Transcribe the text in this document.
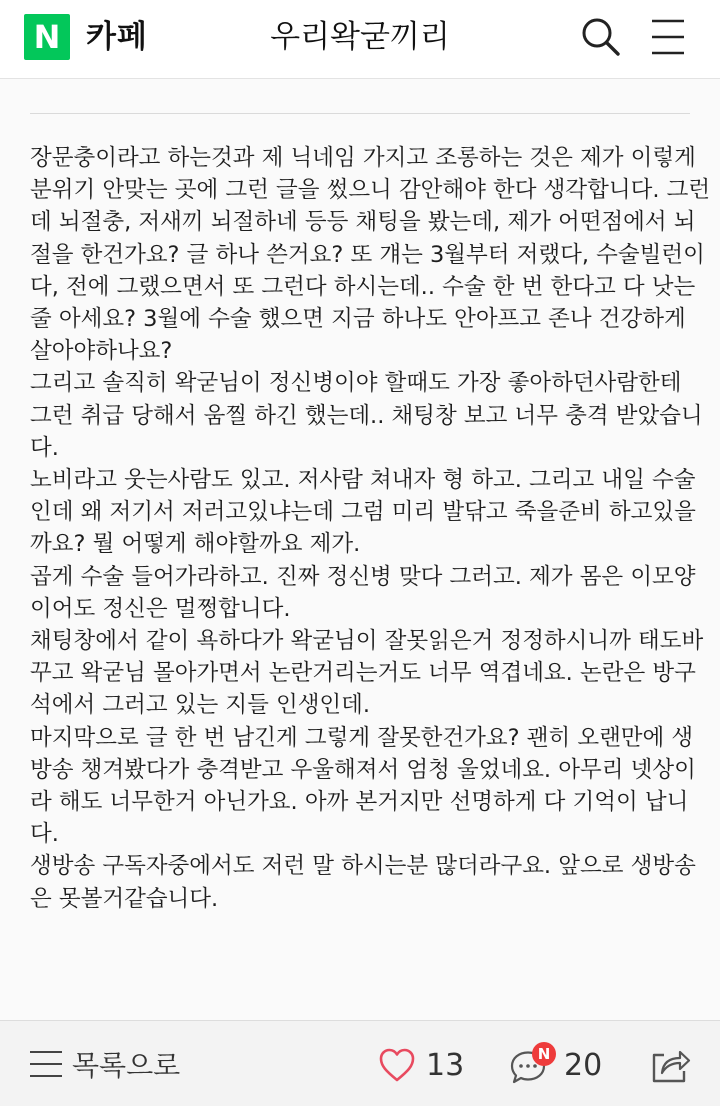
N 카페	우리왁굳끼리

장문충이라고 하는것과 제 닉네임 가지고 조롱하는 것은 제가 이렇게

분위기 안맞는 곳에 그런 글을 썼으니 감안해야 한다 생각합니다. 그런

데 뇌절충, 저새끼 뇌절하네 등등 채팅을 봤는데, 제가 어떤점에서 뇌

절을 한건가요? 글 하나 쓴거요? 또 걔는 3월부터 저랬다, 수술빌런이

다, 전에 그랬으면서 또 그런다 하시는데.. 수술 한 번 한다고 다 낫는

줄 아세요? 3월에 수술 했으면 지금 하나도 안아프고 존나 건강하게

살아야하나요?

그리고 솔직히 왁굳님이 정신병이야 할때도 가장 좋아하던사람한테

그런 취급 당해서 움찔 하긴 했는데.. 채팅창 보고 너무 충격 받았습니

다.

노비라고 웃는사람도 있고. 저사람 쳐내자 형 하고. 그리고 내일 수술

인데 왜 저기서 저러고있냐는데 그럼 미리 발닦고 죽을준비 하고있을

까요? 뭘 어떻게 해야할까요 제가.

곱게 수술 들어가라하고. 진짜 정신병 맞다 그러고. 제가 몸은 이모양

이어도 정신은 멀쩡합니다.

채팅창에서 같이 욕하다가 왁굳님이 잘못읽은거 정정하시니까 태도바

꾸고 왁굳님 몰아가면서 논란거리는거도 너무 역겹네요. 논란은 방구

석에서 그러고 있는 지들 인생인데.

마지막으로 글 한 번 남긴게 그렇게 잘못한건가요? 괜히 오랜만에 생

방송 챙겨봤다가 충격받고 우울해져서 엄청 울었네요. 아무리 넷상이

라 해도 너무한거 아닌가요. 아까 본거지만 선명하게 다 기억이 납니

다.

생방송 구독자중에서도 저런 말 하시는분 많더라구요. 앞으로 생방송

은 못볼거같습니다.

목록으로	13	N 20
